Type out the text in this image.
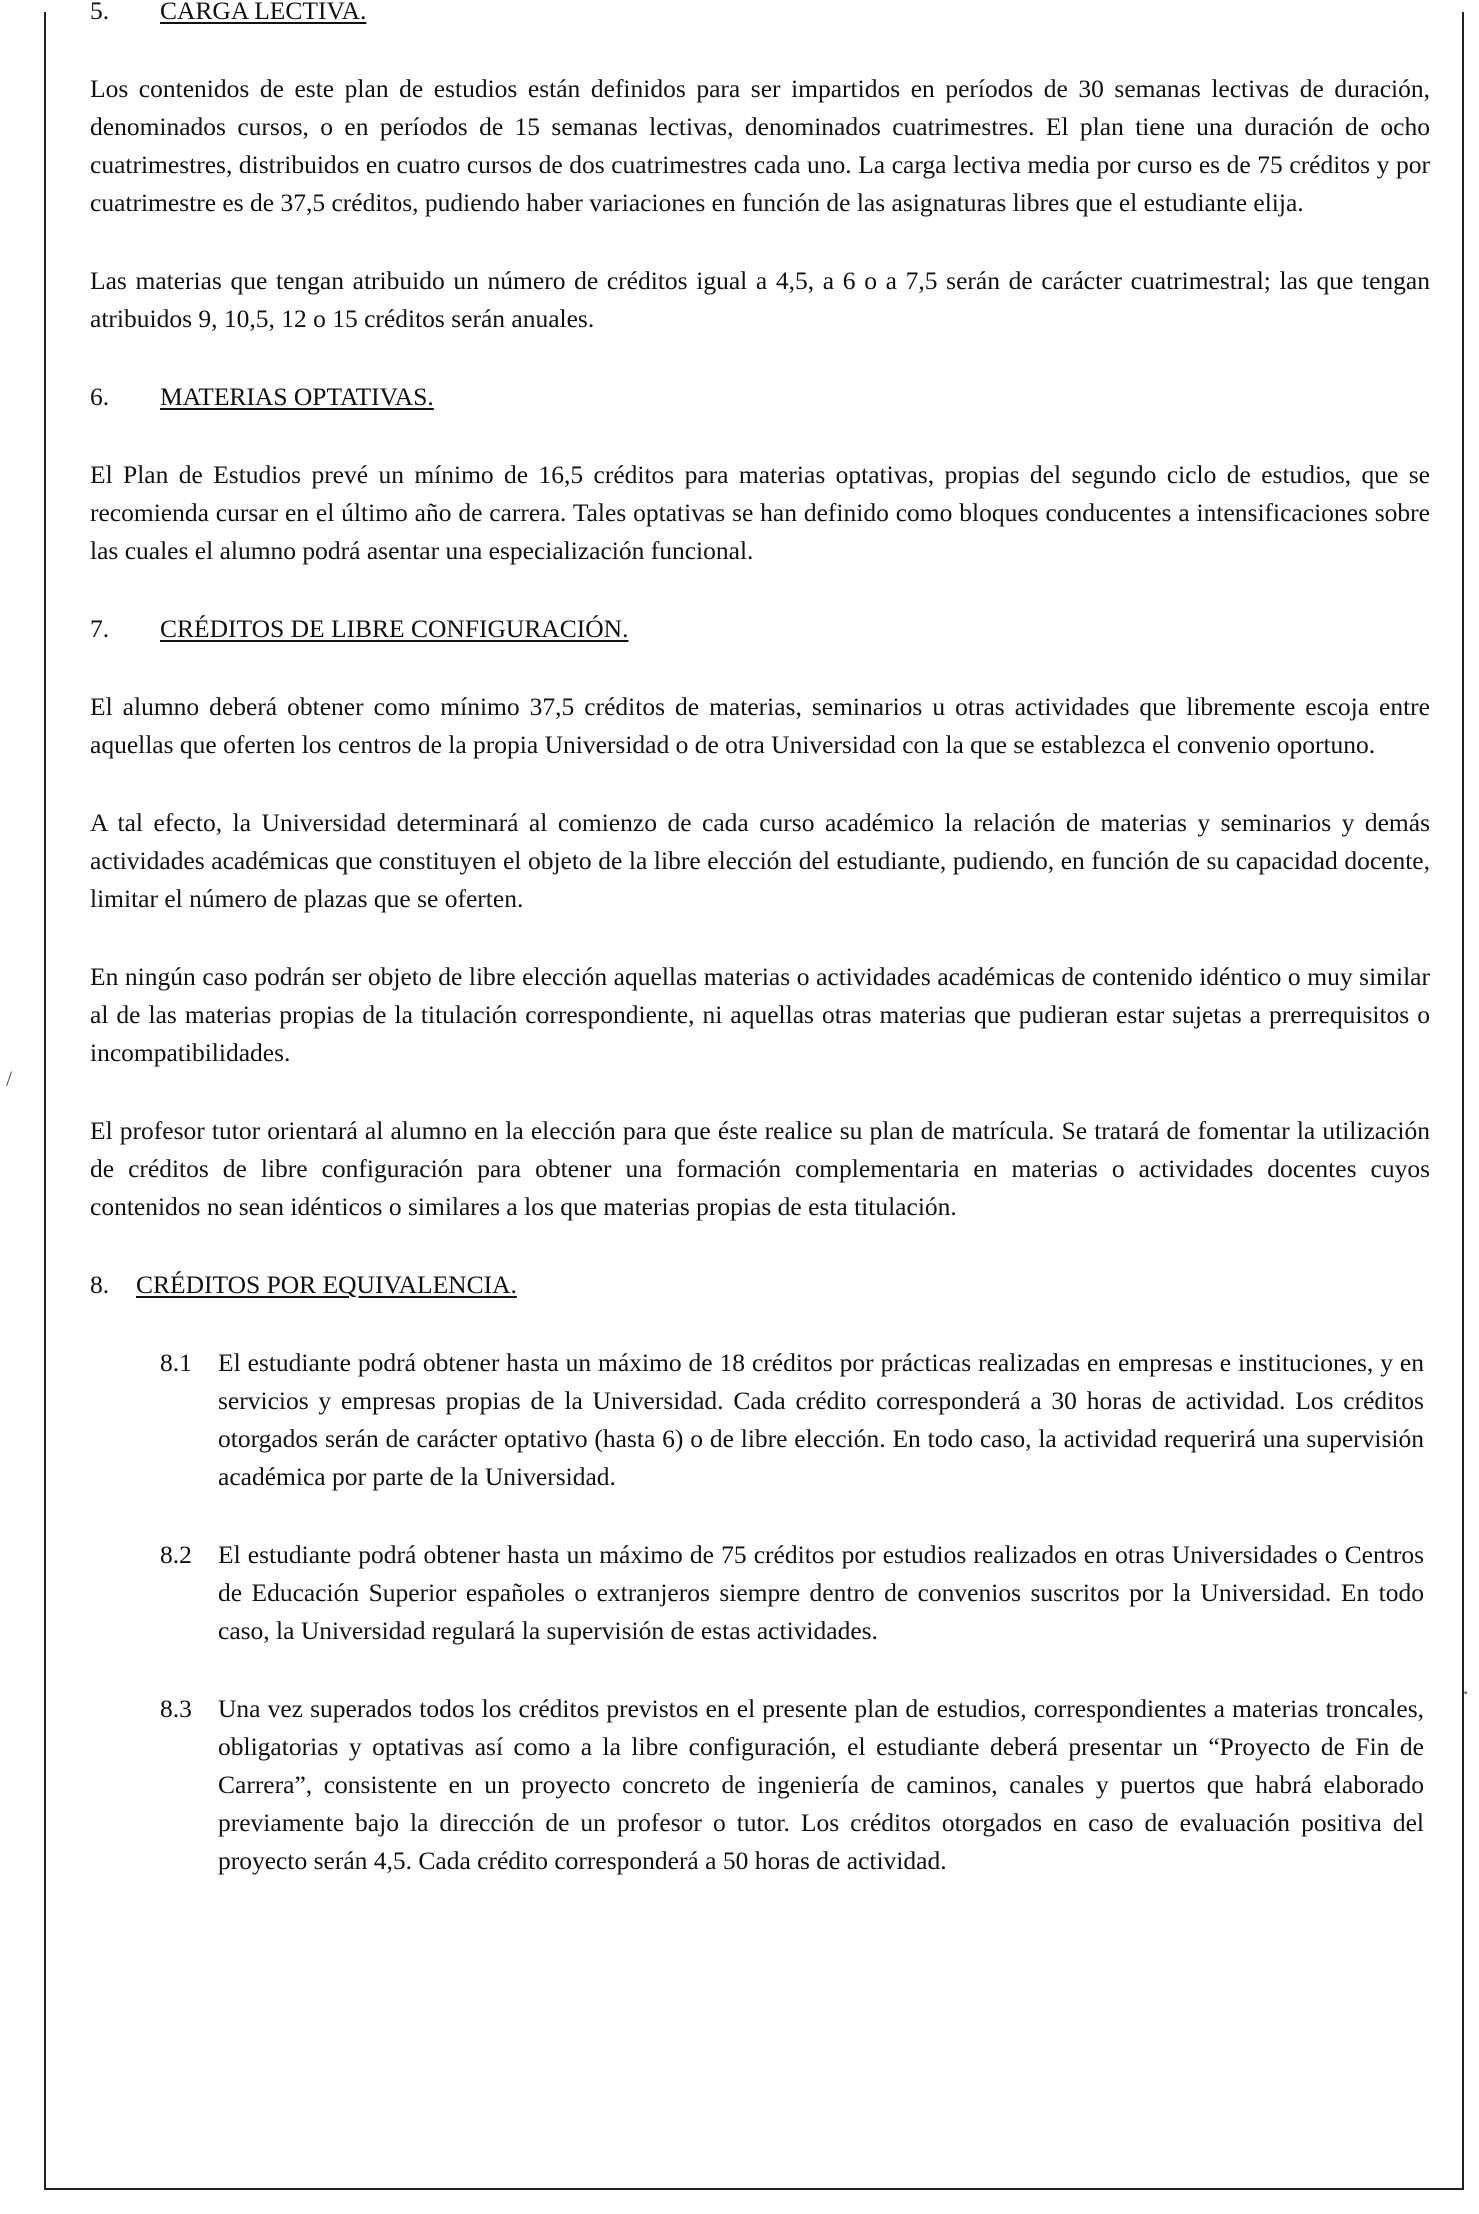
5.	CARGA LECTIVA.

Los contenidos de este plan de estudios están definidos para ser impartidos en períodos de 30 semanas lectivas de duración, denominados cursos, o en períodos de 15 semanas lectivas, denominados cuatrimestres. El plan tiene una duración de ocho cuatrimestres, distribuidos en cuatro cursos de dos cuatrimestres cada uno. La carga lectiva media por curso es de 75 créditos y por cuatrimestre es de 37,5 créditos, pudiendo haber variaciones en función de las asignaturas libres que el estudiante elija.

Las materias que tengan atribuido un número de créditos igual a 4,5, a 6 o a 7,5 serán de carácter cuatrimestral; las que tengan atribuidos 9, 10,5, 12 o 15 créditos serán anuales.

6.	MATERIAS OPTATIVAS.

El Plan de Estudios prevé un mínimo de 16,5 créditos para materias optativas, propias del segundo ciclo de estudios, que se recomienda cursar en el último año de carrera. Tales optativas se han definido como bloques conducentes a intensificaciones sobre las cuales el alumno podrá asentar una especialización funcional.

7.	CRÉDITOS DE LIBRE CONFIGURACIÓN.

El alumno deberá obtener como mínimo 37,5 créditos de materias, seminarios u otras actividades que libremente escoja entre aquellas que oferten los centros de la propia Universidad o de otra Universidad con la que se establezca el convenio oportuno.

A tal efecto, la Universidad determinará al comienzo de cada curso académico la relación de materias y seminarios y demás actividades académicas que constituyen el objeto de la libre elección del estudiante, pudiendo, en función de su capacidad docente, limitar el número de plazas que se oferten.

En ningún caso podrán ser objeto de libre elección aquellas materias o actividades académicas de contenido idéntico o muy similar al de las materias propias de la titulación correspondiente, ni aquellas otras materias que pudieran estar sujetas a prerrequisitos o incompatibilidades.

El profesor tutor orientará al alumno en la elección para que éste realice su plan de matrícula. Se tratará de fomentar la utilización de créditos de libre configuración para obtener una formación complementaria en materias o actividades docentes cuyos contenidos no sean idénticos o similares a los que materias propias de esta titulación.

8.	CRÉDITOS POR EQUIVALENCIA.
8.1	El estudiante podrá obtener hasta un máximo de 18 créditos por prácticas realizadas en empresas e instituciones, y en servicios y empresas propias de la Universidad. Cada crédito corresponderá a 30 horas de actividad. Los créditos otorgados serán de carácter optativo (hasta 6) o de libre elección. En todo caso, la actividad requerirá una supervisión académica por parte de la Universidad.

8.2	El estudiante podrá obtener hasta un máximo de 75 créditos por estudios realizados en otras Universidades o Centros de Educación Superior españoles o extranjeros siempre dentro de convenios suscritos por la Universidad. En todo caso, la Universidad regulará la supervisión de estas actividades.

8.3	Una vez superados todos los créditos previstos en el presente plan de estudios, correspondientes a materias troncales, obligatorias y optativas así como a la libre configuración, el estudiante deberá presentar un “Proyecto de Fin de Carrera”, consistente en un proyecto concreto de ingeniería de caminos, canales y puertos que habrá elaborado previamente bajo la dirección de un profesor o tutor. Los créditos otorgados en caso de evaluación positiva del proyecto serán 4,5. Cada crédito corresponderá a 50 horas de actividad.

/
·
